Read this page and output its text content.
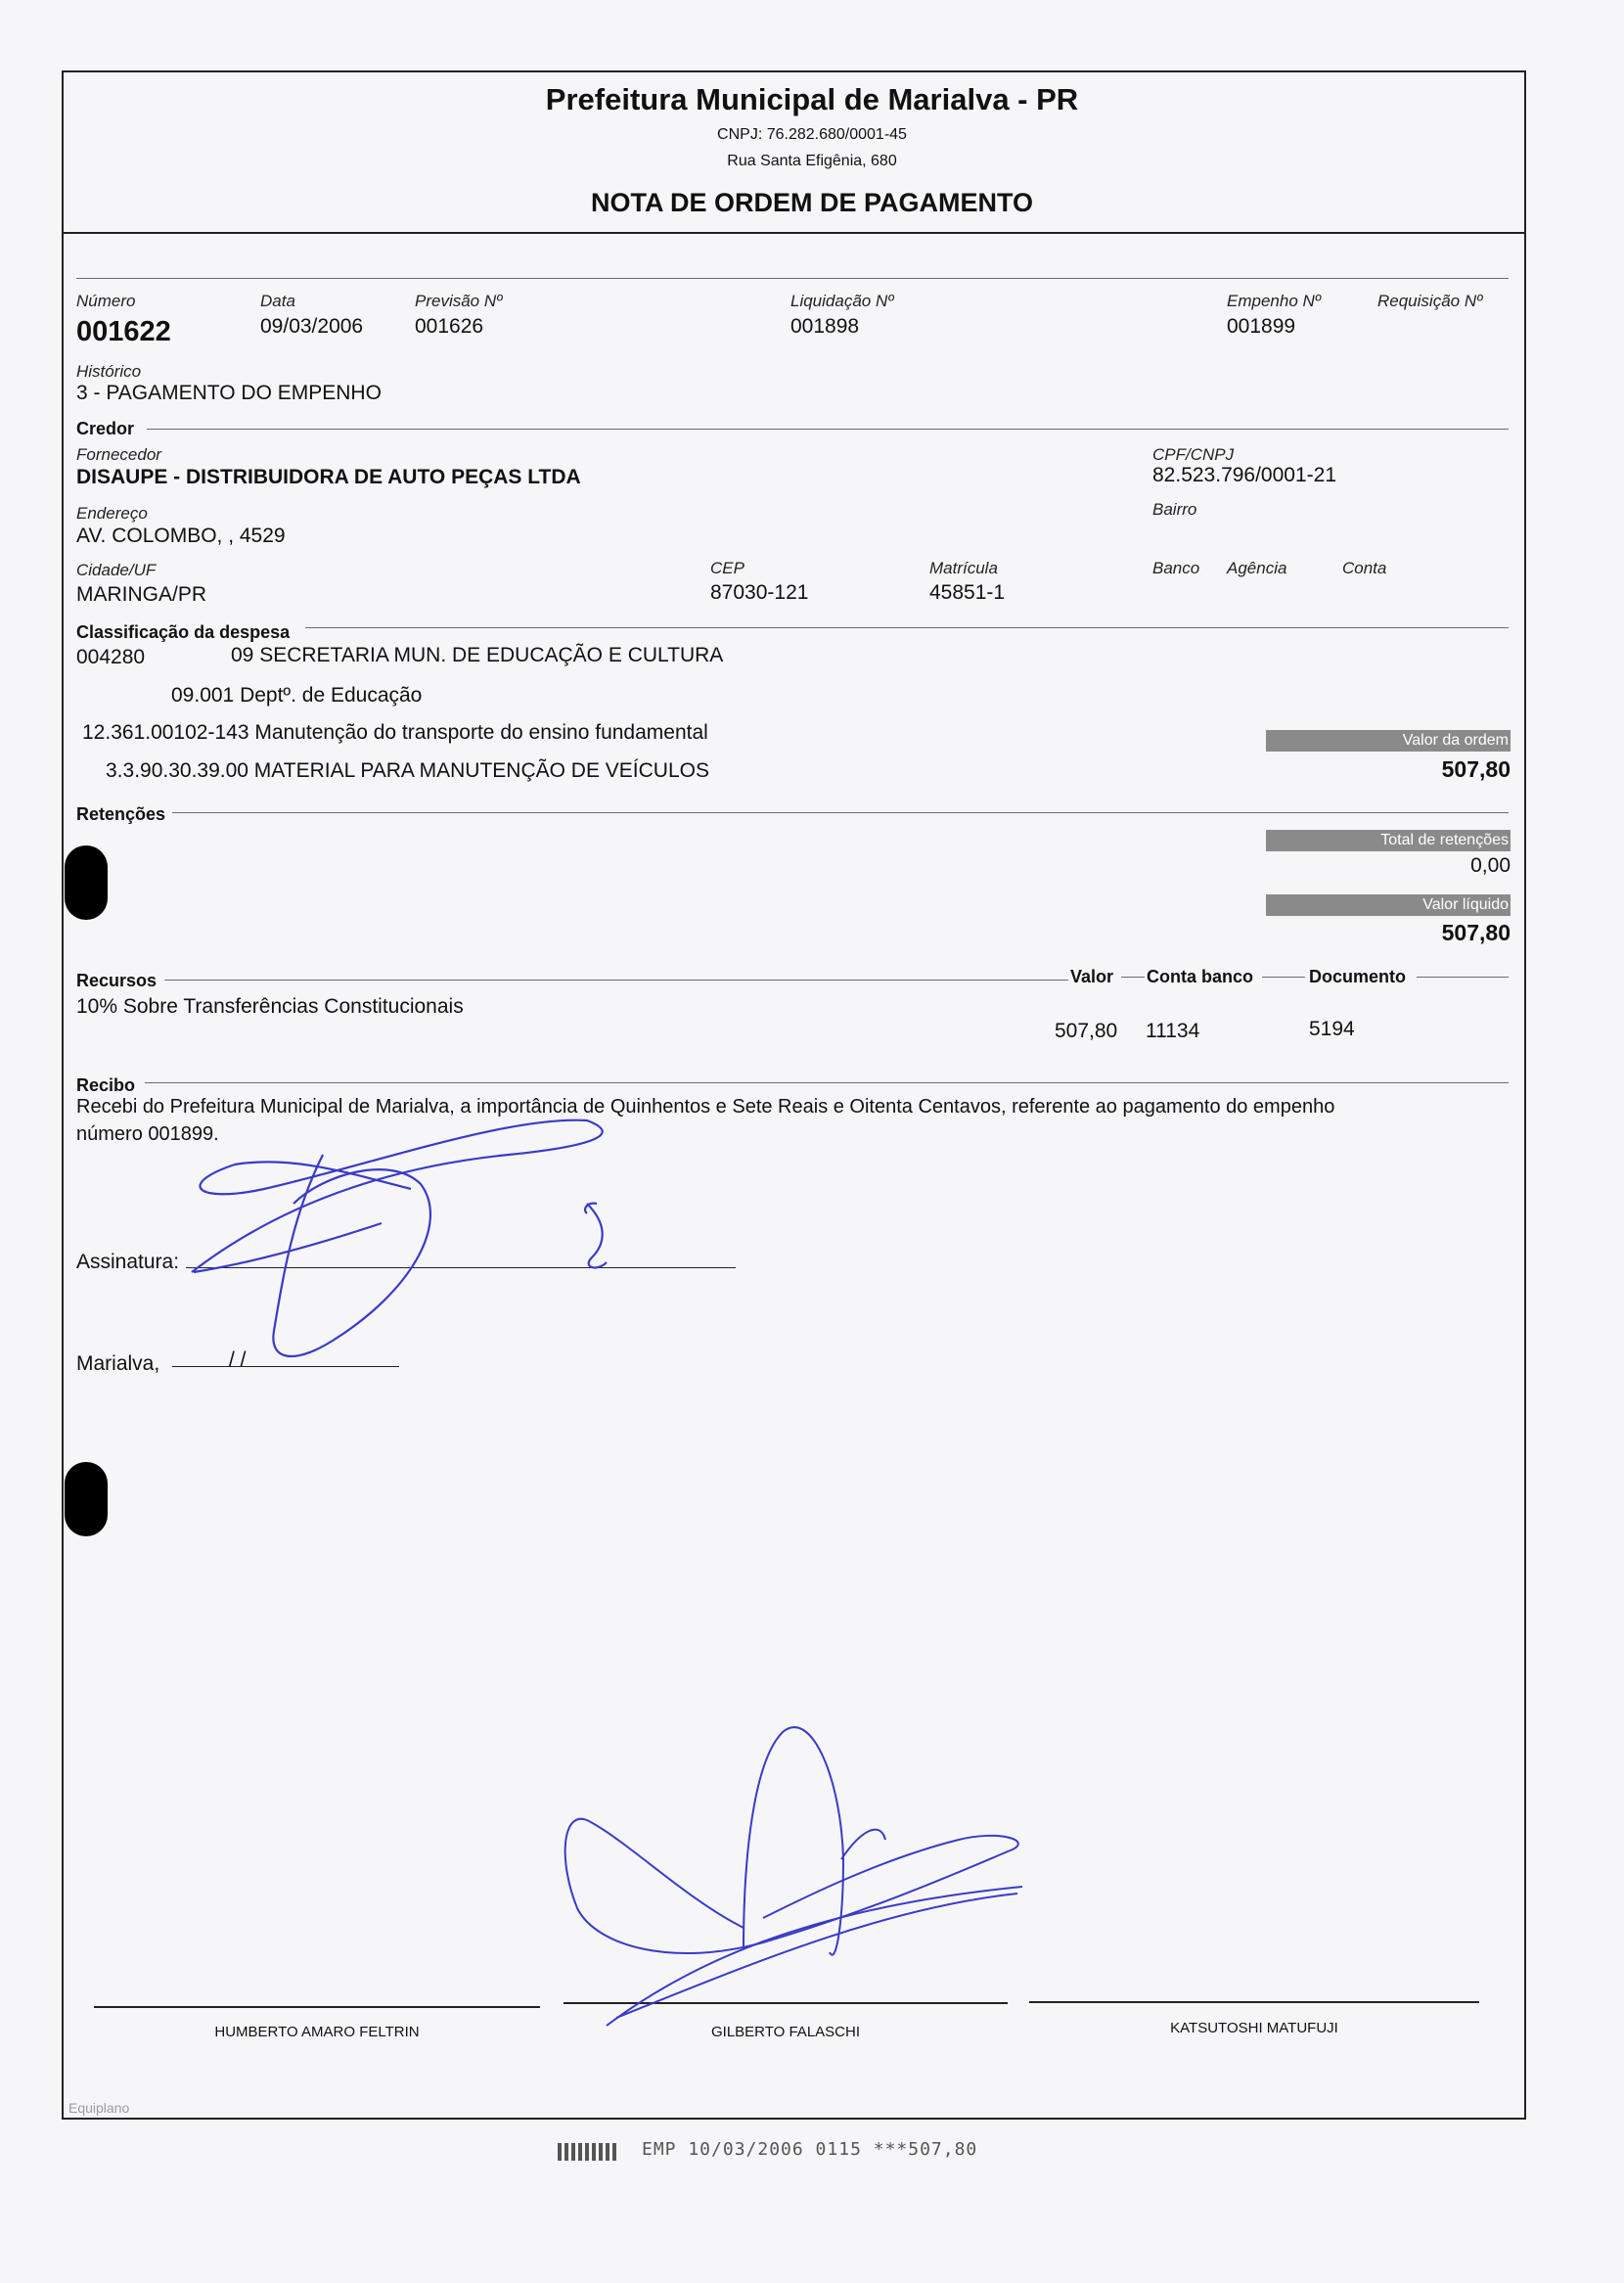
Prefeitura Municipal de Marialva - PR
CNPJ: 76.282.680/0001-45
Rua Santa Efigênia, 680
NOTA DE ORDEM DE PAGAMENTO
Número
001622
Data
09/03/2006
Previsão Nº
001626
Liquidação Nº
001898
Empenho Nº
001899
Requisição Nº
Histórico
3 - PAGAMENTO DO EMPENHO
Credor
Fornecedor
DISAUPE - DISTRIBUIDORA DE AUTO PEÇAS LTDA
CPF/CNPJ
82.523.796/0001-21
Endereço
AV. COLOMBO, , 4529
Bairro
Cidade/UF
MARINGA/PR
CEP
87030-121
Matrícula
45851-1
Banco Agência	Conta
Classificação da despesa
004280	09 SECRETARIA MUN. DE EDUCAÇÃO E CULTURA
09.001 Deptº. de Educação
12.361.00102-143 Manutenção do transporte do ensino fundamental
3.3.90.30.39.00 MATERIAL PARA MANUTENÇÃO DE VEÍCULOS
Valor da ordem
507,80
Retenções
Total de retenções
0,00
Valor líquido
507,80
Recursos	Valor Conta banco	Documento
10% Sobre Transferências Constitucionais
507,80 11134	5194
Recibo
Recebi do Prefeitura Municipal de Marialva, a importância de Quinhentos e Sete Reais e Oitenta Centavos, referente ao pagamento do empenho
número 001899.
Assinatura:
Marialva,	/ /
HUMBERTO AMARO FELTRIN	GILBERTO FALASCHI	KATSUTOSHI MATUFUJI
Equiplano
EMP 10/03/2006 0115 ***507,80
